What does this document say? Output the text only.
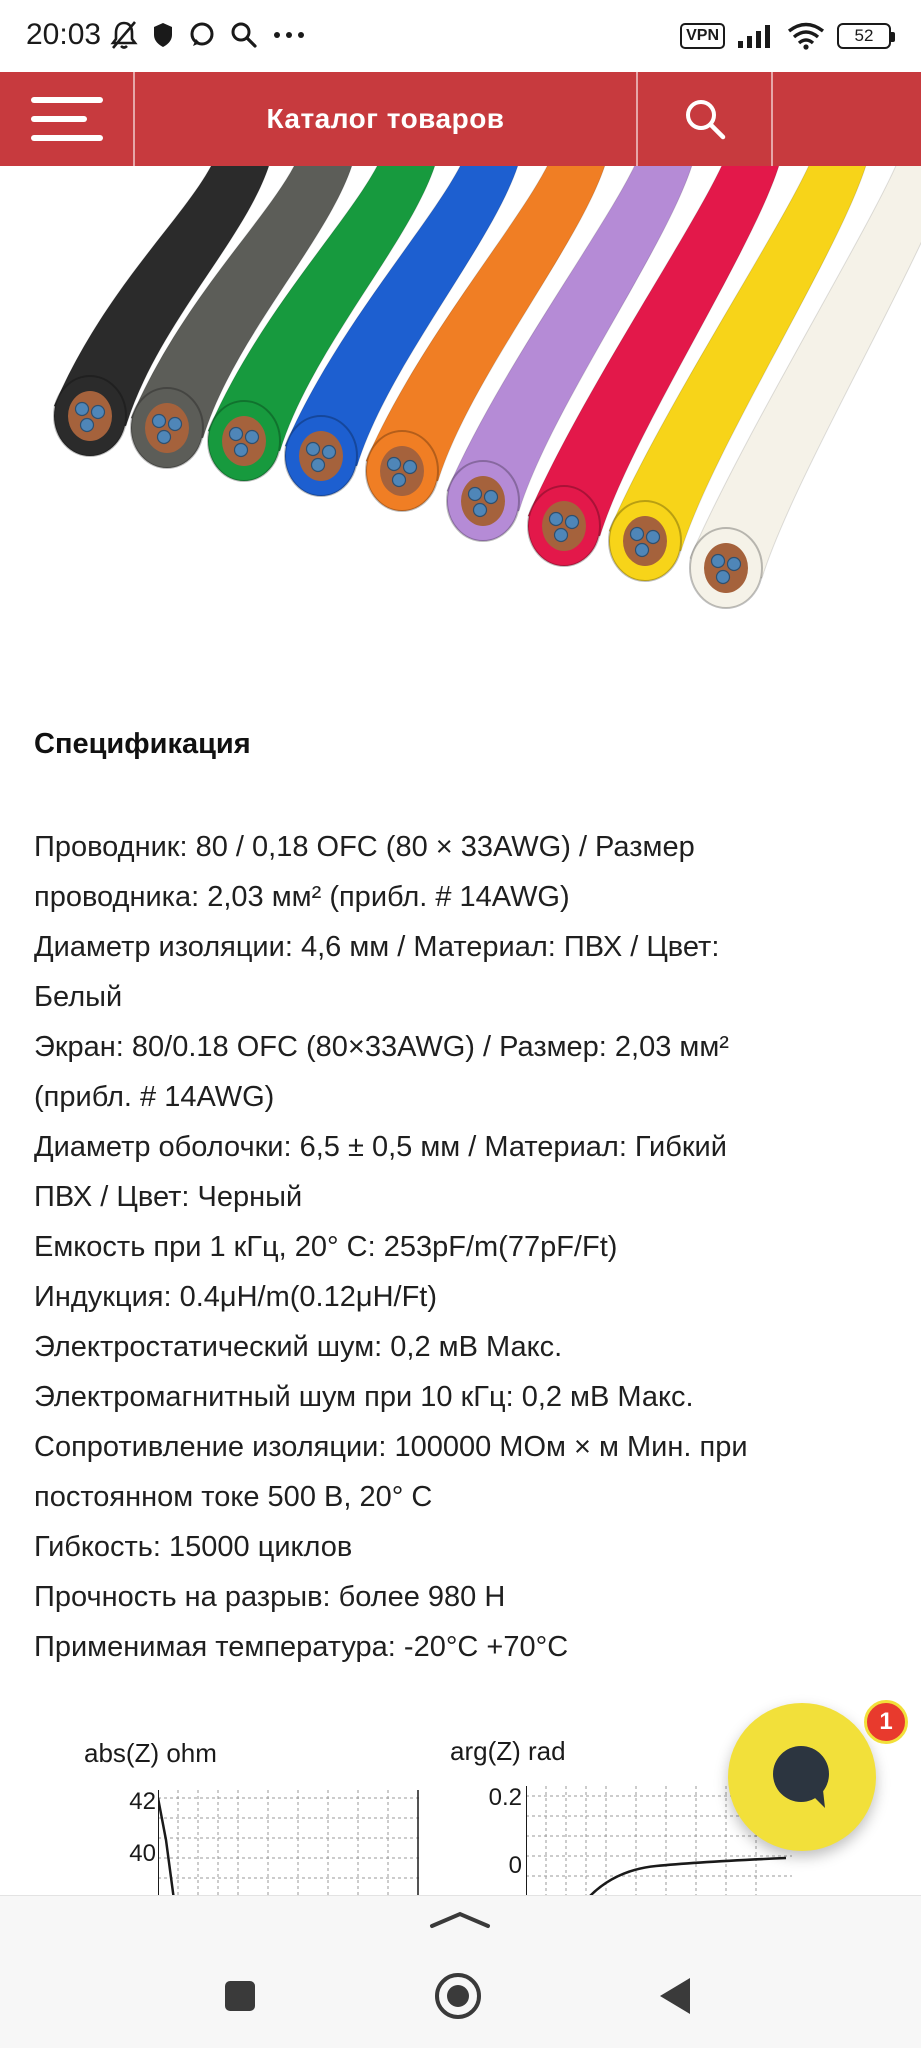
20:03	VPN	52
Каталог товаров
Спецификация
Проводник: 80 / 0,18 OFC (80 × 33AWG) / Размер
проводника: 2,03 мм² (прибл. # 14AWG)
Диаметр изоляции: 4,6 мм / Материал: ПВХ / Цвет:
Белый
Экран: 80/0.18 OFC (80×33AWG) / Размер: 2,03 мм²
(прибл. # 14AWG)
Диаметр оболочки: 6,5 ± 0,5 мм / Материал: Гибкий
ПВХ / Цвет: Черный
Емкость при 1 кГц, 20° С: 253pF/m(77pF/Ft)
Индукция: 0.4μH/m(0.12μH/Ft)
Электростатический шум: 0,2 мВ Макс.
Электромагнитный шум при 10 кГц: 0,2 мВ Макс.
Сопротивление изоляции: 100000 МОм × м Мин. при
постоянном токе 500 В, 20° С
Гибкость: 15000 циклов
Прочность на разрыв: более 980 Н
Применимая температура: -20°C +70°C
abs(Z) ohm
42
40
arg(Z) rad
0.2
0
1
